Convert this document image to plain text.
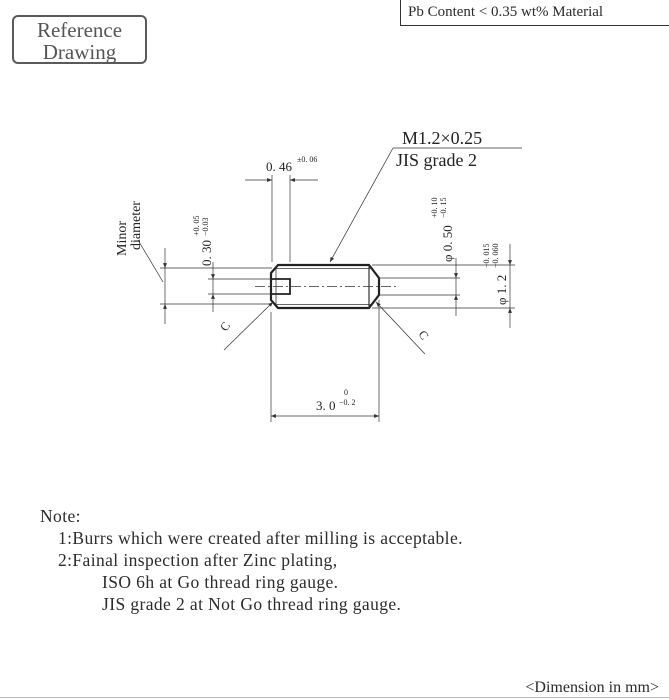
Reference
Drawing
Pb Content < 0.35 wt% Material
M1.2×0.25
JIS grade 2
0. 46 ±0. 06
Minor diameter
0. 30
+0. 05 −0.03	φ 0. 50
+0. 10 −0. 15
φ 1. 2
−0. 015 −0. 060
C
C
3. 0
0
−0. 2
Note:
1:Burrs which were created after milling is acceptable.
2:Fainal inspection after Zinc plating,
ISO 6h at Go thread ring gauge.
JIS grade 2 at Not Go thread ring gauge.
<Dimension in mm>
